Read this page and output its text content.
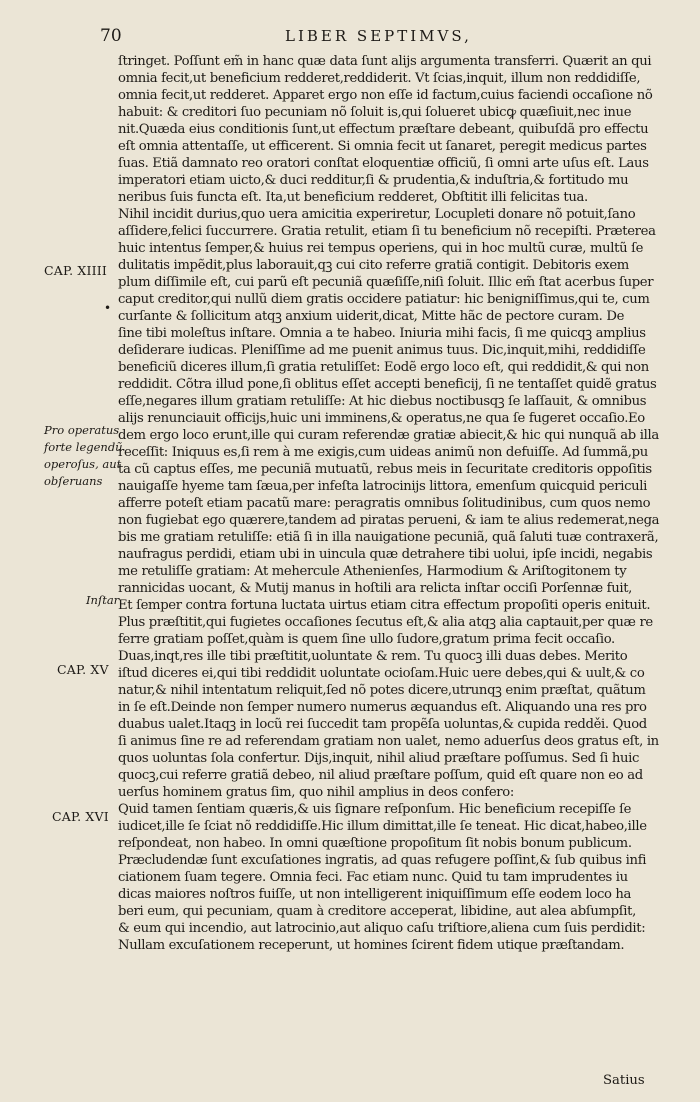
70	LIBER SEPTIMVS,
CAP. XIIII
•
Pro operatus
forte legendũ
operoſus, aut
obſeruans
Inſtar
CAP. XV
CAP. XVI
ſtringet. Poſſunt em̃ in hanc quæ data ſunt alijs argumenta transferri. Quærit an qui
omnia fecit,ut beneficium redderet,reddiderit. Vt ſcias,inquit, illum non reddidiſſe,
omnia fecit,ut redderet. Apparet ergo non eſſe id factum,cuius faciendi occaſione nõ
habuit: & creditori ſuo pecuniam nõ ſoluit is,qui ſolueret ubicꝙ quæſiuit,nec inue
nit.Quæda eius conditionis ſunt,ut effectum præſtare debeant, quibuſdã pro effectu
eſt omnia attentaſſe, ut efficerent. Si omnia fecit ut ſanaret, peregit medicus partes
ſuas. Etiã damnato reo oratori conſtat eloquentiæ officiũ, ſi omni arte uſus eſt. Laus
imperatori etiam uicto,& duci redditur,ſi & prudentia,& induſtria,& fortitudo mu
neribus ſuis functa eſt. Ita,ut beneficium redderet, Obſtitit illi felicitas tua.
Nihil incidit durius,quo uera amicitia experiretur, Locupleti donare nõ potuit,ſano
aſſidere,felici ſuccurrere. Gratia retulit, etiam ſi tu beneficium nõ recepiſti. Præterea
huic intentus ſemper,& huius rei tempus operiens, qui in hoc multũ curæ, multũ ſe
dulitatis impẽdit,plus laborauit,qꝫ cui cito referre gratiã contigit. Debitoris exem
plum diſſimile eſt, cui parũ eſt pecuniã quæſiſſe,niſi ſoluit. Illic em̃ ſtat acerbus ſuper
caput creditor,qui nullũ diem gratis occidere patiatur: hic benigniſſimus,qui te, cum
curſante & ſollicitum atqꝫ anxium uiderit,dicat, Mitte hãc de pectore curam. De
ſine tibi moleſtus inſtare. Omnia a te habeo. Iniuria mihi facis, ſi me quicqꝫ amplius
deſiderare iudicas. Pleniſſime ad me puenit animus tuus. Dic,inquit,mihi, reddidiſſe
beneficiũ diceres illum,ſi gratia retuliſſet: Eodẽ ergo loco eſt, qui reddidit,& qui non
reddidit. Cõtra illud pone,ſi oblitus eſſet accepti beneficij, ſi ne tentaſſet quidẽ gratus
eſſe,negares illum gratiam retuliſſe: At hic diebus noctibusqꝫ ſe laſſauit, & omnibus
alijs renunciauit officijs,huic uni imminens,& operatus,ne qua ſe fugeret occaſio.Eo
dem ergo loco erunt,ille qui curam referendæ gratiæ abiecit,& hic qui nunquã ab illa
receſſit: Iniquus es,ſi rem à me exigis,cum uideas animũ non defuiſſe. Ad ſummã,pu
ta cũ captus eſſes, me pecuniã mutuatũ, rebus meis in ſecuritate creditoris oppoſitis
nauigaſſe hyeme tam ſæua,per infeſta latrocinijs littora, emenſum quicquid periculi
afferre poteſt etiam pacatũ mare: peragratis omnibus ſolitudinibus, cum quos nemo
non fugiebat ego quærere,tandem ad piratas perueni, & iam te alius redemerat,nega
bis me gratiam retuliſſe: etiã ſi in illa nauigatione pecuniã, quã ſaluti tuæ contraxerã,
naufragus perdidi, etiam ubi in uincula quæ detrahere tibi uolui, ipſe incidi, negabis
me retuliſſe gratiam: At mehercule Athenienſes, Harmodium & Ariſtogitonem ty
rannicidas uocant, & Mutij manus in hoſtili ara relicta inſtar occiſi Porſennæ fuit,
Et ſemper contra fortuna luctata uirtus etiam citra effectum propoſiti operis enituit.
Plus præſtitit,qui fugietes occaſiones ſecutus eſt,& alia atqꝫ alia captauit,per quæ re
ferre gratiam poſſet,quàm is quem ſine ullo ſudore,gratum prima fecit occaſio.
Duas,inqt,res ille tibi præſtitit,uoluntate & rem. Tu quocꝫ illi duas debes. Merito
iſtud diceres ei,qui tibi reddidit uoluntate ocioſam.Huic uere debes,qui & uult,& co
natur,& nihil intentatum reliquit,ſed nõ potes dicere,utrunqꝫ enim præſtat, quãtum
in ſe eſt.Deinde non ſemper numero numerus æquandus eſt. Aliquando una res pro
duabus ualet.Itaqꝫ in locũ rei ſuccedit tam propẽſa uoluntas,& cupida redděi. Quod
ſi animus ſine re ad referendam gratiam non ualet, nemo aduerſus deos gratus eſt, in
quos uoluntas ſola confertur. Dijs,inquit, nihil aliud præſtare poſſumus. Sed ſi huic
quocꝫ,cui referre gratiã debeo, nil aliud præſtare poſſum, quid eſt quare non eo ad
uerſus hominem gratus ſim, quo nihil amplius in deos confero:
Quid tamen ſentiam quæris,& uis ſignare reſponſum. Hic beneficium recepiſſe ſe
iudicet,ille ſe ſciat nõ reddidiſſe.Hic illum dimittat,ille ſe teneat. Hic dicat,habeo,ille
reſpondeat, non habeo. In omni quæſtione propoſitum ſit nobis bonum publicum.
Præcludendæ ſunt excuſationes ingratis, ad quas refugere poſſint,& ſub quibus infi
ciationem ſuam tegere. Omnia feci. Fac etiam nunc. Quid tu tam imprudentes iu
dicas maiores noſtros fuiſſe, ut non intelligerent iniquiſſimum eſſe eodem loco ha
beri eum, qui pecuniam, quam à creditore acceperat, libidine, aut alea abſumpſit,
& eum qui incendio, aut latrocinio,aut aliquo caſu triſtiore,aliena cum ſuis perdidit:
Nullam excuſationem receperunt, ut homines ſcirent fidem utique præſtandam.
Satius
